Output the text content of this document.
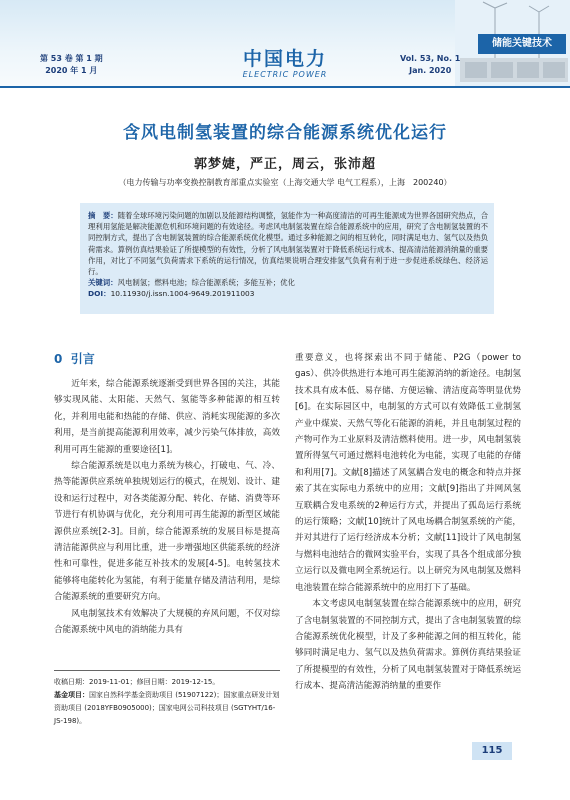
储能关键技术
第 53 卷 第 1 期
2020 年 1 月
中国电力
ELECTRIC POWER
Vol. 53, No. 1
Jan. 2020
含风电制氢装置的综合能源系统优化运行
郭梦婕，严正，周云，张沛超
（电力传输与功率变换控制教育部重点实验室（上海交通大学 电气工程系），上海　200240）
摘　要：随着全球环境污染问题的加剧以及能源结构调整，氢能作为一种高度清洁的可再生能源成为世界各国研究热点，合理利用氢能是解决能源危机和环境问题的有效途径。考虑风电制氢装置在综合能源系统中的应用，研究了含电制氢装置的不同控制方式，提出了含电制氢装置的综合能源系统优化模型。通过多种能源之间的相互转化，同时满足电力、氢气以及热负荷需求。算例仿真结果验证了所提模型的有效性，分析了风电制氢装置对于降低系统运行成本、提高清洁能源消纳量的重要作用，对比了不同氢气负荷需求下系统的运行情况，仿真结果说明合理安排氢气负荷有利于进一步促进系统绿色、经济运行。
关键词：风电制氢；燃料电池；综合能源系统；多能互补；优化
DOI：10.11930/j.issn.1004-9649.201911003
0 引言

近年来，综合能源系统逐渐受到世界各国的关注，其能够实现风能、太阳能、天然气、氢能等多种能源的相互转化，并利用电能和热能的存储、供应、消耗实现能源的多次利用，是当前提高能源利用效率，减少污染气体排放，高效利用可再生能源的重要途径[1]。

综合能源系统是以电力系统为核心，打破电、气、冷、热等能源供应系统单独规划运行的模式，在规划、设计、建设和运行过程中，对各类能源分配、转化、存储、消费等环节进行有机协调与优化，充分利用可再生能源的新型区域能源供应系统[2-3]。目前，综合能源系统的发展目标是提高清洁能源供应与利用比重，进一步增强地区供能系统的经济性和可靠性，促进多能互补技术的发展[4-5]。电转氢技术能够将电能转化为氢能，有利于能量存储及清洁利用，是综合能源系统的重要研究方向。

风电制氢技术有效解决了大规模的弃风问题，不仅对综合能源系统中风电的消纳能力具有

重要意义，也将探索出不同于储能、P2G（power to gas）、供冷供热进行本地可再生能源消纳的新途径。电制氢技术具有成本低、易存储、方便运输、清洁度高等明显优势[6]。在实际园区中，电制氢的方式可以有效降低工业制氢产业中煤炭、天然气等化石能源的消耗，并且电制氢过程的产物可作为工业原料及清洁燃料使用。进一步，风电制氢装置所得氢气可通过燃料电池转化为电能，实现了电能的存储和利用[7]。文献[8]描述了风氢耦合发电的概念和特点并探索了其在实际电力系统中的应用；文献[9]指出了并网风氢互联耦合发电系统的2种运行方式，并提出了孤岛运行系统的运行策略；文献[10]统计了风电场耦合制氢系统的产能，并对其进行了运行经济成本分析；文献[11]设计了风电制氢与燃料电池结合的微网实验平台，实现了具各个组成部分独立运行以及微电网全系统运行。以上研究为风电制氢及燃料电池装置在综合能源系统中的应用打下了基础。

本文考虑风电制氢装置在综合能源系统中的应用，研究了含电制氢装置的不同控制方式，提出了含电制氢装置的综合能源系统优化模型，计及了多种能源之间的相互转化，能够同时满足电力、氢气以及热负荷需求。算例仿真结果验证了所提模型的有效性，分析了风电制氢装置对于降低系统运行成本、提高清洁能源消纳量的重要作

收稿日期：2019-11-01；修回日期：2019-12-15。
基金项目：国家自然科学基金资助项目 (51907122)；国家重点研发计划资助项目 (2018YFB0905000)；国家电网公司科技项目 (SGTYHT/16-JS-198)。
115
